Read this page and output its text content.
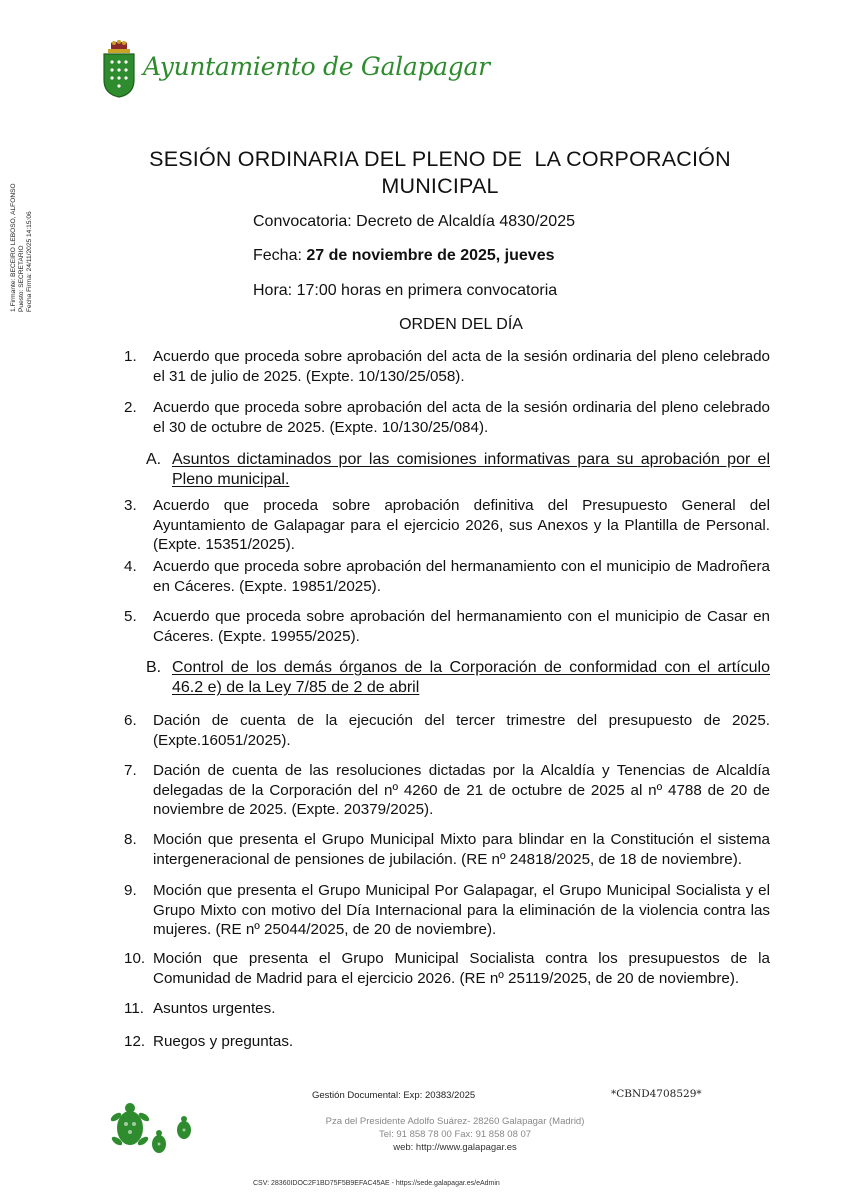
Ayuntamiento de Galapagar
1.Firmante: BECEIRO LEBOSO, ALFONSO Puesto: SECRETARIO Fecha Firma: 24/11/2025 14:15:06
SESIÓN ORDINARIA DEL PLENO DE  LA CORPORACIÓN
MUNICIPAL
Convocatoria: Decreto de Alcaldía 4830/2025
Fecha: 27 de noviembre de 2025, jueves
Hora: 17:00 horas en primera convocatoria
ORDEN DEL DÍA
1. Acuerdo que proceda sobre aprobación del acta de la sesión ordinaria del pleno celebrado el 31 de julio de 2025. (Expte. 10/130/25/058).
2. Acuerdo que proceda sobre aprobación del acta de la sesión ordinaria del pleno celebrado el 30 de octubre de 2025. (Expte. 10/130/25/084).
A. Asuntos dictaminados por las comisiones informativas para su aprobación por el Pleno municipal.
3. Acuerdo que proceda sobre aprobación definitiva del Presupuesto General del Ayuntamiento de Galapagar para el ejercicio 2026, sus Anexos y la Plantilla de Personal. (Expte. 15351/2025).
4. Acuerdo que proceda sobre aprobación del hermanamiento con el municipio de Madroñera en Cáceres. (Expte. 19851/2025).
5. Acuerdo que proceda sobre aprobación del hermanamiento con el municipio de Casar en Cáceres. (Expte. 19955/2025).
B. Control de los demás órganos de la Corporación de conformidad con el artículo 46.2 e) de la Ley 7/85 de 2 de abril
6. Dación de cuenta de la ejecución del tercer trimestre del presupuesto de 2025. (Expte.16051/2025).
7. Dación de cuenta de las resoluciones dictadas por la Alcaldía y Tenencias de Alcaldía delegadas de la Corporación del nº 4260 de 21 de octubre de 2025 al nº 4788 de 20 de noviembre de 2025. (Expte. 20379/2025).
8. Moción que presenta el Grupo Municipal Mixto para blindar en la Constitución el sistema intergeneracional de pensiones de jubilación. (RE nº 24818/2025, de 18 de noviembre).
9. Moción que presenta el Grupo Municipal Por Galapagar, el Grupo Municipal Socialista y el Grupo Mixto con motivo del Día Internacional para la eliminación de la violencia contra las mujeres. (RE nº 25044/2025, de 20 de noviembre).
10. Moción que presenta el Grupo Municipal Socialista contra los presupuestos de la Comunidad de Madrid para el ejercicio 2026. (RE nº 25119/2025, de 20 de noviembre).
11. Asuntos urgentes.
12. Ruegos y preguntas.
Gestión Documental: Exp: 20383/2025	*CBND4708529*
Pza del Presidente Adolfo Suárez- 28260 Galapagar (Madrid)
Tel: 91 858 78 00 Fax: 91 858 08 07
web: http://www.galapagar.es
CSV: 28360IDOC2F1BD75F5B9EFAC45AE - https://sede.galapagar.es/eAdmin
